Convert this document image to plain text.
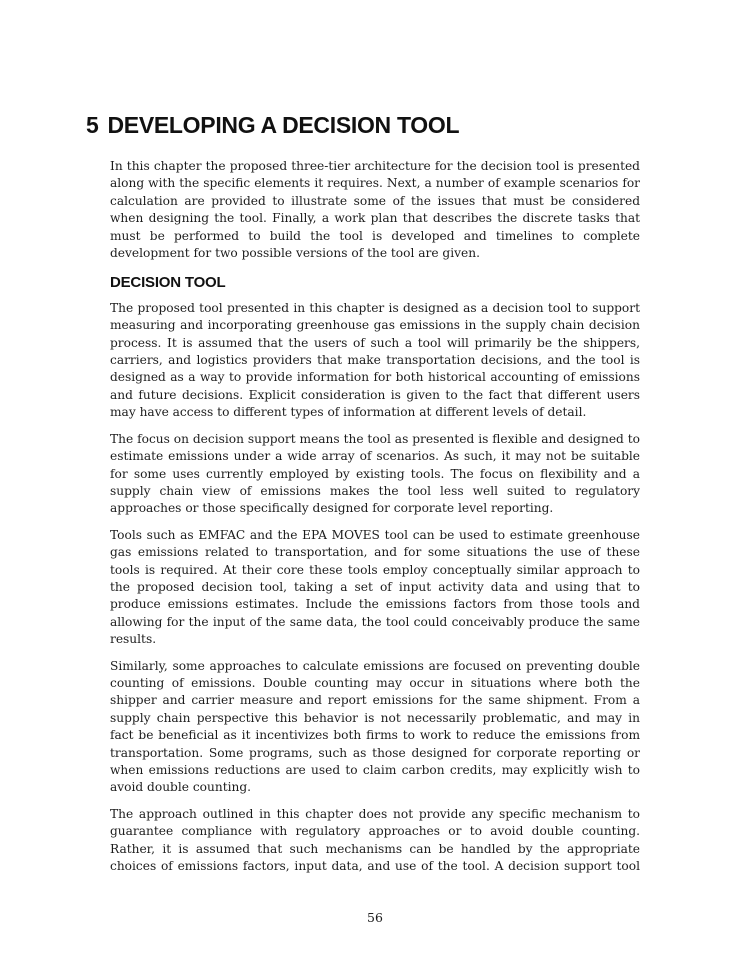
5 DEVELOPING A DECISION TOOL

In this chapter the proposed three-tier architecture for the decision tool is presented along with the specific elements it requires. Next, a number of example scenarios for calculation are provided to illustrate some of the issues that must be considered when designing the tool. Finally, a work plan that describes the discrete tasks that must be performed to build the tool is developed and timelines to complete development for two possible versions of the tool are given.

DECISION TOOL

The proposed tool presented in this chapter is designed as a decision tool to support measuring and incorporating greenhouse gas emissions in the supply chain decision process. It is assumed that the users of such a tool will primarily be the shippers, carriers, and logistics providers that make transportation decisions, and the tool is designed as a way to provide information for both historical accounting of emissions and future decisions. Explicit consideration is given to the fact that different users may have access to different types of information at different levels of detail.

The focus on decision support means the tool as presented is flexible and designed to estimate emissions under a wide array of scenarios. As such, it may not be suitable for some uses currently employed by existing tools. The focus on flexibility and a supply chain view of emissions makes the tool less well suited to regulatory approaches or those specifically designed for corporate level reporting.

Tools such as EMFAC and the EPA MOVES tool can be used to estimate greenhouse gas emissions related to transportation, and for some situations the use of these tools is required. At their core these tools employ conceptually similar approach to the proposed decision tool, taking a set of input activity data and using that to produce emissions estimates. Include the emissions factors from those tools and allowing for the input of the same data, the tool could conceivably produce the same results.

Similarly, some approaches to calculate emissions are focused on preventing double counting of emissions. Double counting may occur in situations where both the shipper and carrier measure and report emissions for the same shipment. From a supply chain perspective this behavior is not necessarily problematic, and may in fact be beneficial as it incentivizes both firms to work to reduce the emissions from transportation. Some programs, such as those designed for corporate reporting or when emissions reductions are used to claim carbon credits, may explicitly wish to avoid double counting.

The approach outlined in this chapter does not provide any specific mechanism to guarantee compliance with regulatory approaches or to avoid double counting. Rather, it is assumed that such mechanisms can be handled by the appropriate choices of emissions factors, input data, and use of the tool. A decision support tool

56
